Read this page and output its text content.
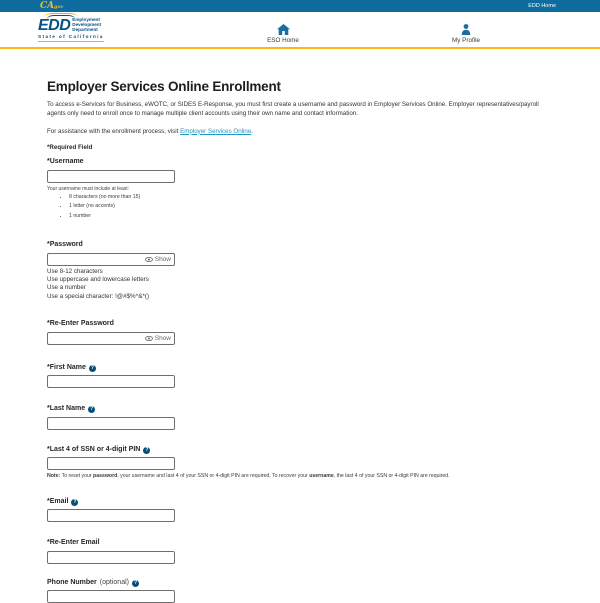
CAgov	EDD Home
EDD Employment
Development
Department
State of California	ESO Home	My Profile
Employer Services Online Enrollment

To access e-Services for Business, eWOTC, or SIDES E-Response, you must first create a username and password in Employer Services Online. Employer representatives/payroll agents only need to enroll once to manage multiple client accounts using their own name and contact information.

For assistance with the enrollment process, visit Employer Services Online.

*Required Field
*Username
Your username must include at least:
• 8 characters (no more than 15)
• 1 letter (no accents)
• 1 number
*Password
Show
Use 8-12 characters
Use uppercase and lowercase letters
Use a number
Use a special character: !@#$%^&*()
*Re-Enter Password
Show
*First Name ?
*Last Name ?
*Last 4 of SSN or 4-digit PIN ?
Note: To reset your password, your username and last 4 of your SSN or 4-digit PIN are required. To recover your username, the last 4 of your SSN or 4-digit PIN are required.
*Email ?
*Re-Enter Email
Phone Number (optional) ?
